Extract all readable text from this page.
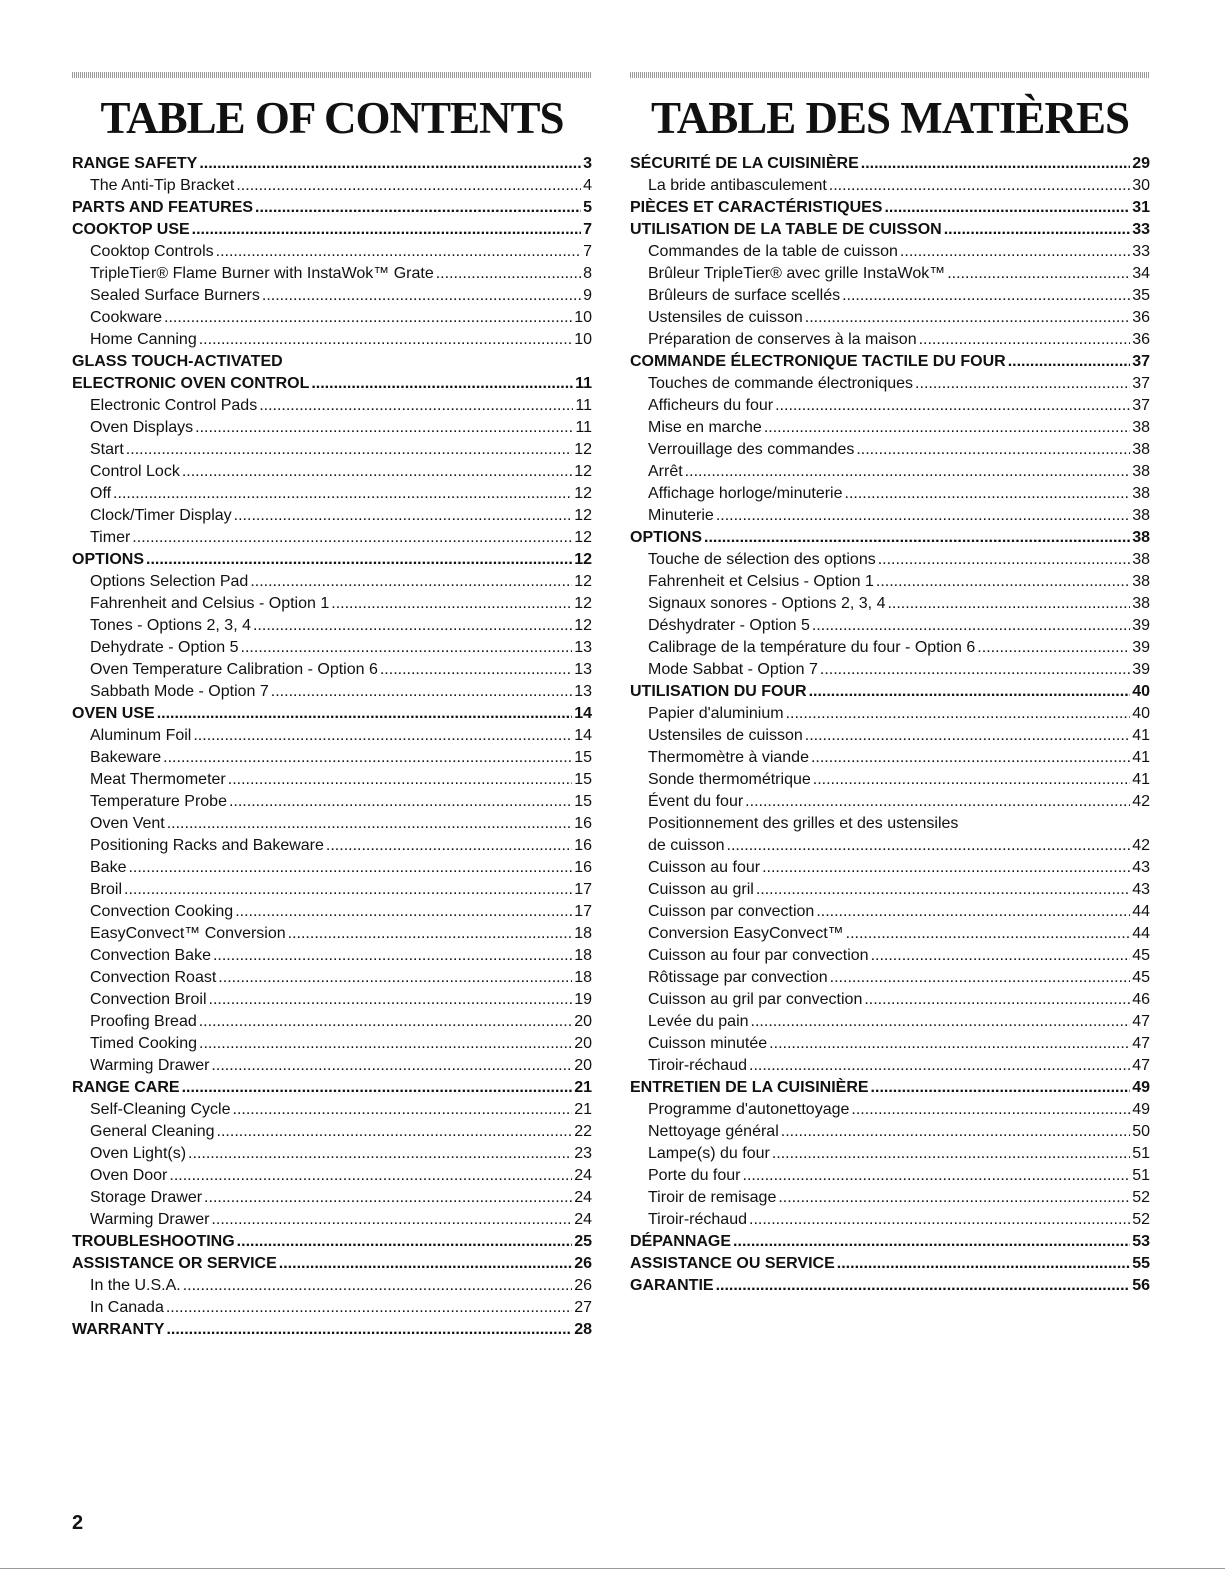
TABLE OF CONTENTS
RANGE SAFETY .....	3
The Anti-Tip Bracket .....	4
PARTS AND FEATURES .....	5
COOKTOP USE .....	7
Cooktop Controls .....	7
TripleTier® Flame Burner with InstaWok™ Grate .....	8
Sealed Surface Burners .....	9
Cookware .....	10
Home Canning .....	10
GLASS TOUCH-ACTIVATED
ELECTRONIC OVEN CONTROL .....	11
Electronic Control Pads .....	11
Oven Displays .....	11
Start .....	12
Control Lock .....	12
Off .....	12
Clock/Timer Display .....	12
Timer .....	12
OPTIONS .....	12
Options Selection Pad .....	12
Fahrenheit and Celsius - Option 1 .....	12
Tones - Options 2, 3, 4 .....	12
Dehydrate - Option 5 .....	13
Oven Temperature Calibration - Option 6 .....	13
Sabbath Mode - Option 7 .....	13
OVEN USE .....	14
Aluminum Foil .....	14
Bakeware .....	15
Meat Thermometer .....	15
Temperature Probe .....	15
Oven Vent .....	16
Positioning Racks and Bakeware .....	16
Bake .....	16
Broil .....	17
Convection Cooking .....	17
EasyConvect™ Conversion .....	18
Convection Bake .....	18
Convection Roast .....	18
Convection Broil .....	19
Proofing Bread .....	20
Timed Cooking .....	20
Warming Drawer .....	20
RANGE CARE .....	21
Self-Cleaning Cycle .....	21
General Cleaning .....	22
Oven Light(s) .....	23
Oven Door .....	24
Storage Drawer .....	24
Warming Drawer .....	24
TROUBLESHOOTING .....	25
ASSISTANCE OR SERVICE .....	26
In the U.S.A. .....	26
In Canada .....	27
WARRANTY .....	28
TABLE DES MATIÈRES
SÉCURITÉ DE LA CUISINIÈRE .....	29
La bride antibasculement .....	30
PIÈCES ET CARACTÉRISTIQUES .....	31
UTILISATION DE LA TABLE DE CUISSON .....	33
Commandes de la table de cuisson .....	33
Brûleur TripleTier® avec grille InstaWok™ .....	34
Brûleurs de surface scellés .....	35
Ustensiles de cuisson .....	36
Préparation de conserves à la maison .....	36
COMMANDE ÉLECTRONIQUE TACTILE DU FOUR .....	37
Touches de commande électroniques .....	37
Afficheurs du four .....	37
Mise en marche .....	38
Verrouillage des commandes .....	38
Arrêt .....	38
Affichage horloge/minuterie .....	38
Minuterie .....	38
OPTIONS .....	38
Touche de sélection des options .....	38
Fahrenheit et Celsius - Option 1 .....	38
Signaux sonores - Options 2, 3, 4 .....	38
Déshydrater - Option 5 .....	39
Calibrage de la température du four - Option 6 .....	39
Mode Sabbat - Option 7 .....	39
UTILISATION DU FOUR .....	40
Papier d'aluminium .....	40
Ustensiles de cuisson .....	41
Thermomètre à viande .....	41
Sonde thermométrique .....	41
Évent du four .....	42
Positionnement des grilles et des ustensiles
de cuisson .....	42
Cuisson au four .....	43
Cuisson au gril .....	43
Cuisson par convection .....	44
Conversion EasyConvect™ .....	44
Cuisson au four par convection .....	45
Rôtissage par convection .....	45
Cuisson au gril par convection .....	46
Levée du pain .....	47
Cuisson minutée .....	47
Tiroir-réchaud .....	47
ENTRETIEN DE LA CUISINIÈRE .....	49
Programme d'autonettoyage .....	49
Nettoyage général .....	50
Lampe(s) du four .....	51
Porte du four .....	51
Tiroir de remisage .....	52
Tiroir-réchaud .....	52
DÉPANNAGE .....	53
ASSISTANCE OU SERVICE .....	55
GARANTIE .....	56
2
